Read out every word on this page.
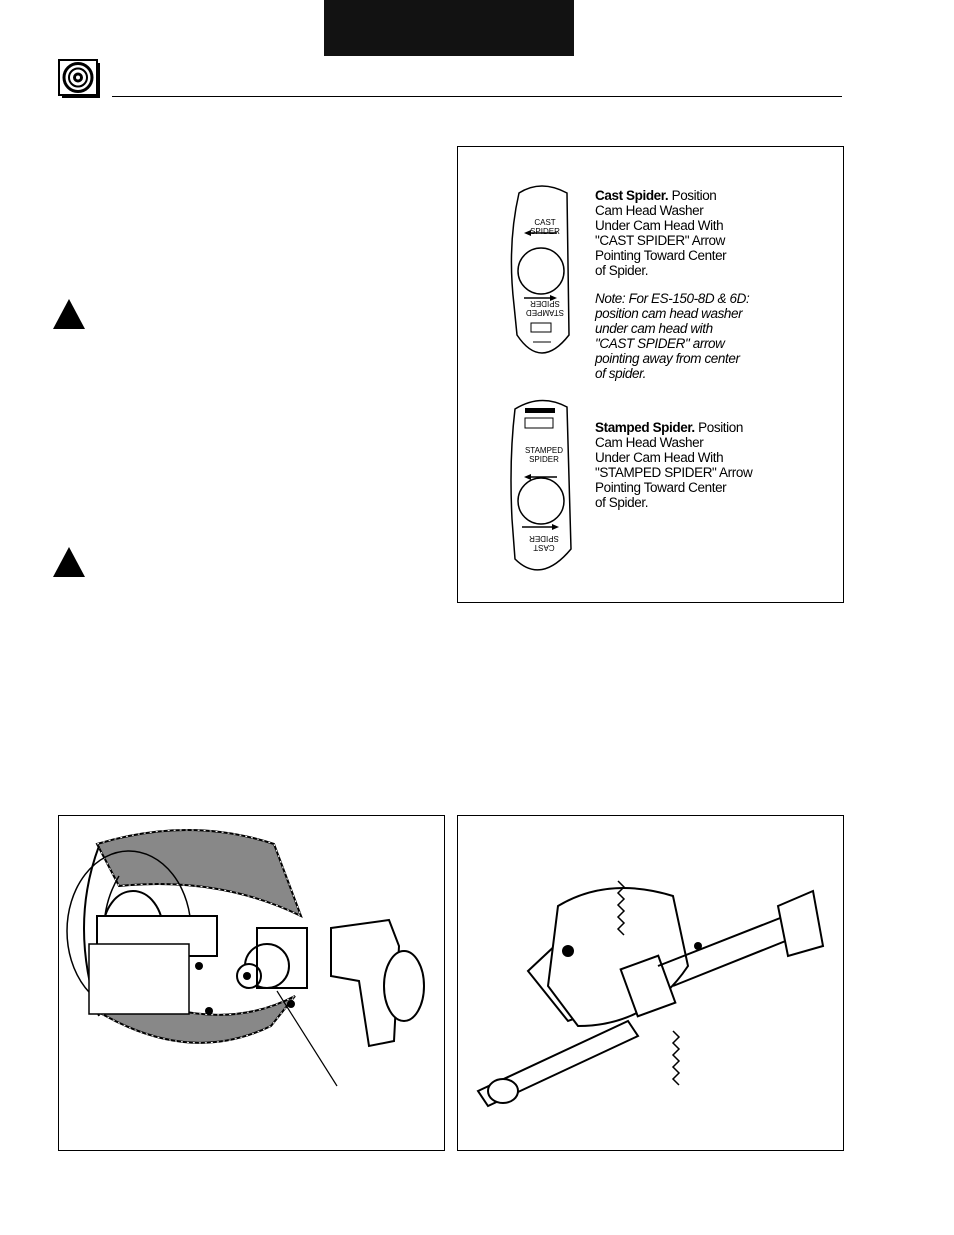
CAST
SPIDER
STAMPED
SPIDER
STAMPED
SPIDER
CAST
SPIDER
Cast Spider. Position
Cam Head Washer
Under Cam Head With
"CAST SPIDER" Arrow
Pointing Toward Center
of Spider.
Note: For ES-150-8D & 6D:
position cam head washer
under cam head with
"CAST SPIDER" arrow
pointing away from center
of spider.
Stamped Spider. Position
Cam Head Washer
Under Cam Head With
"STAMPED SPIDER" Arrow
Pointing Toward Center
of Spider.
